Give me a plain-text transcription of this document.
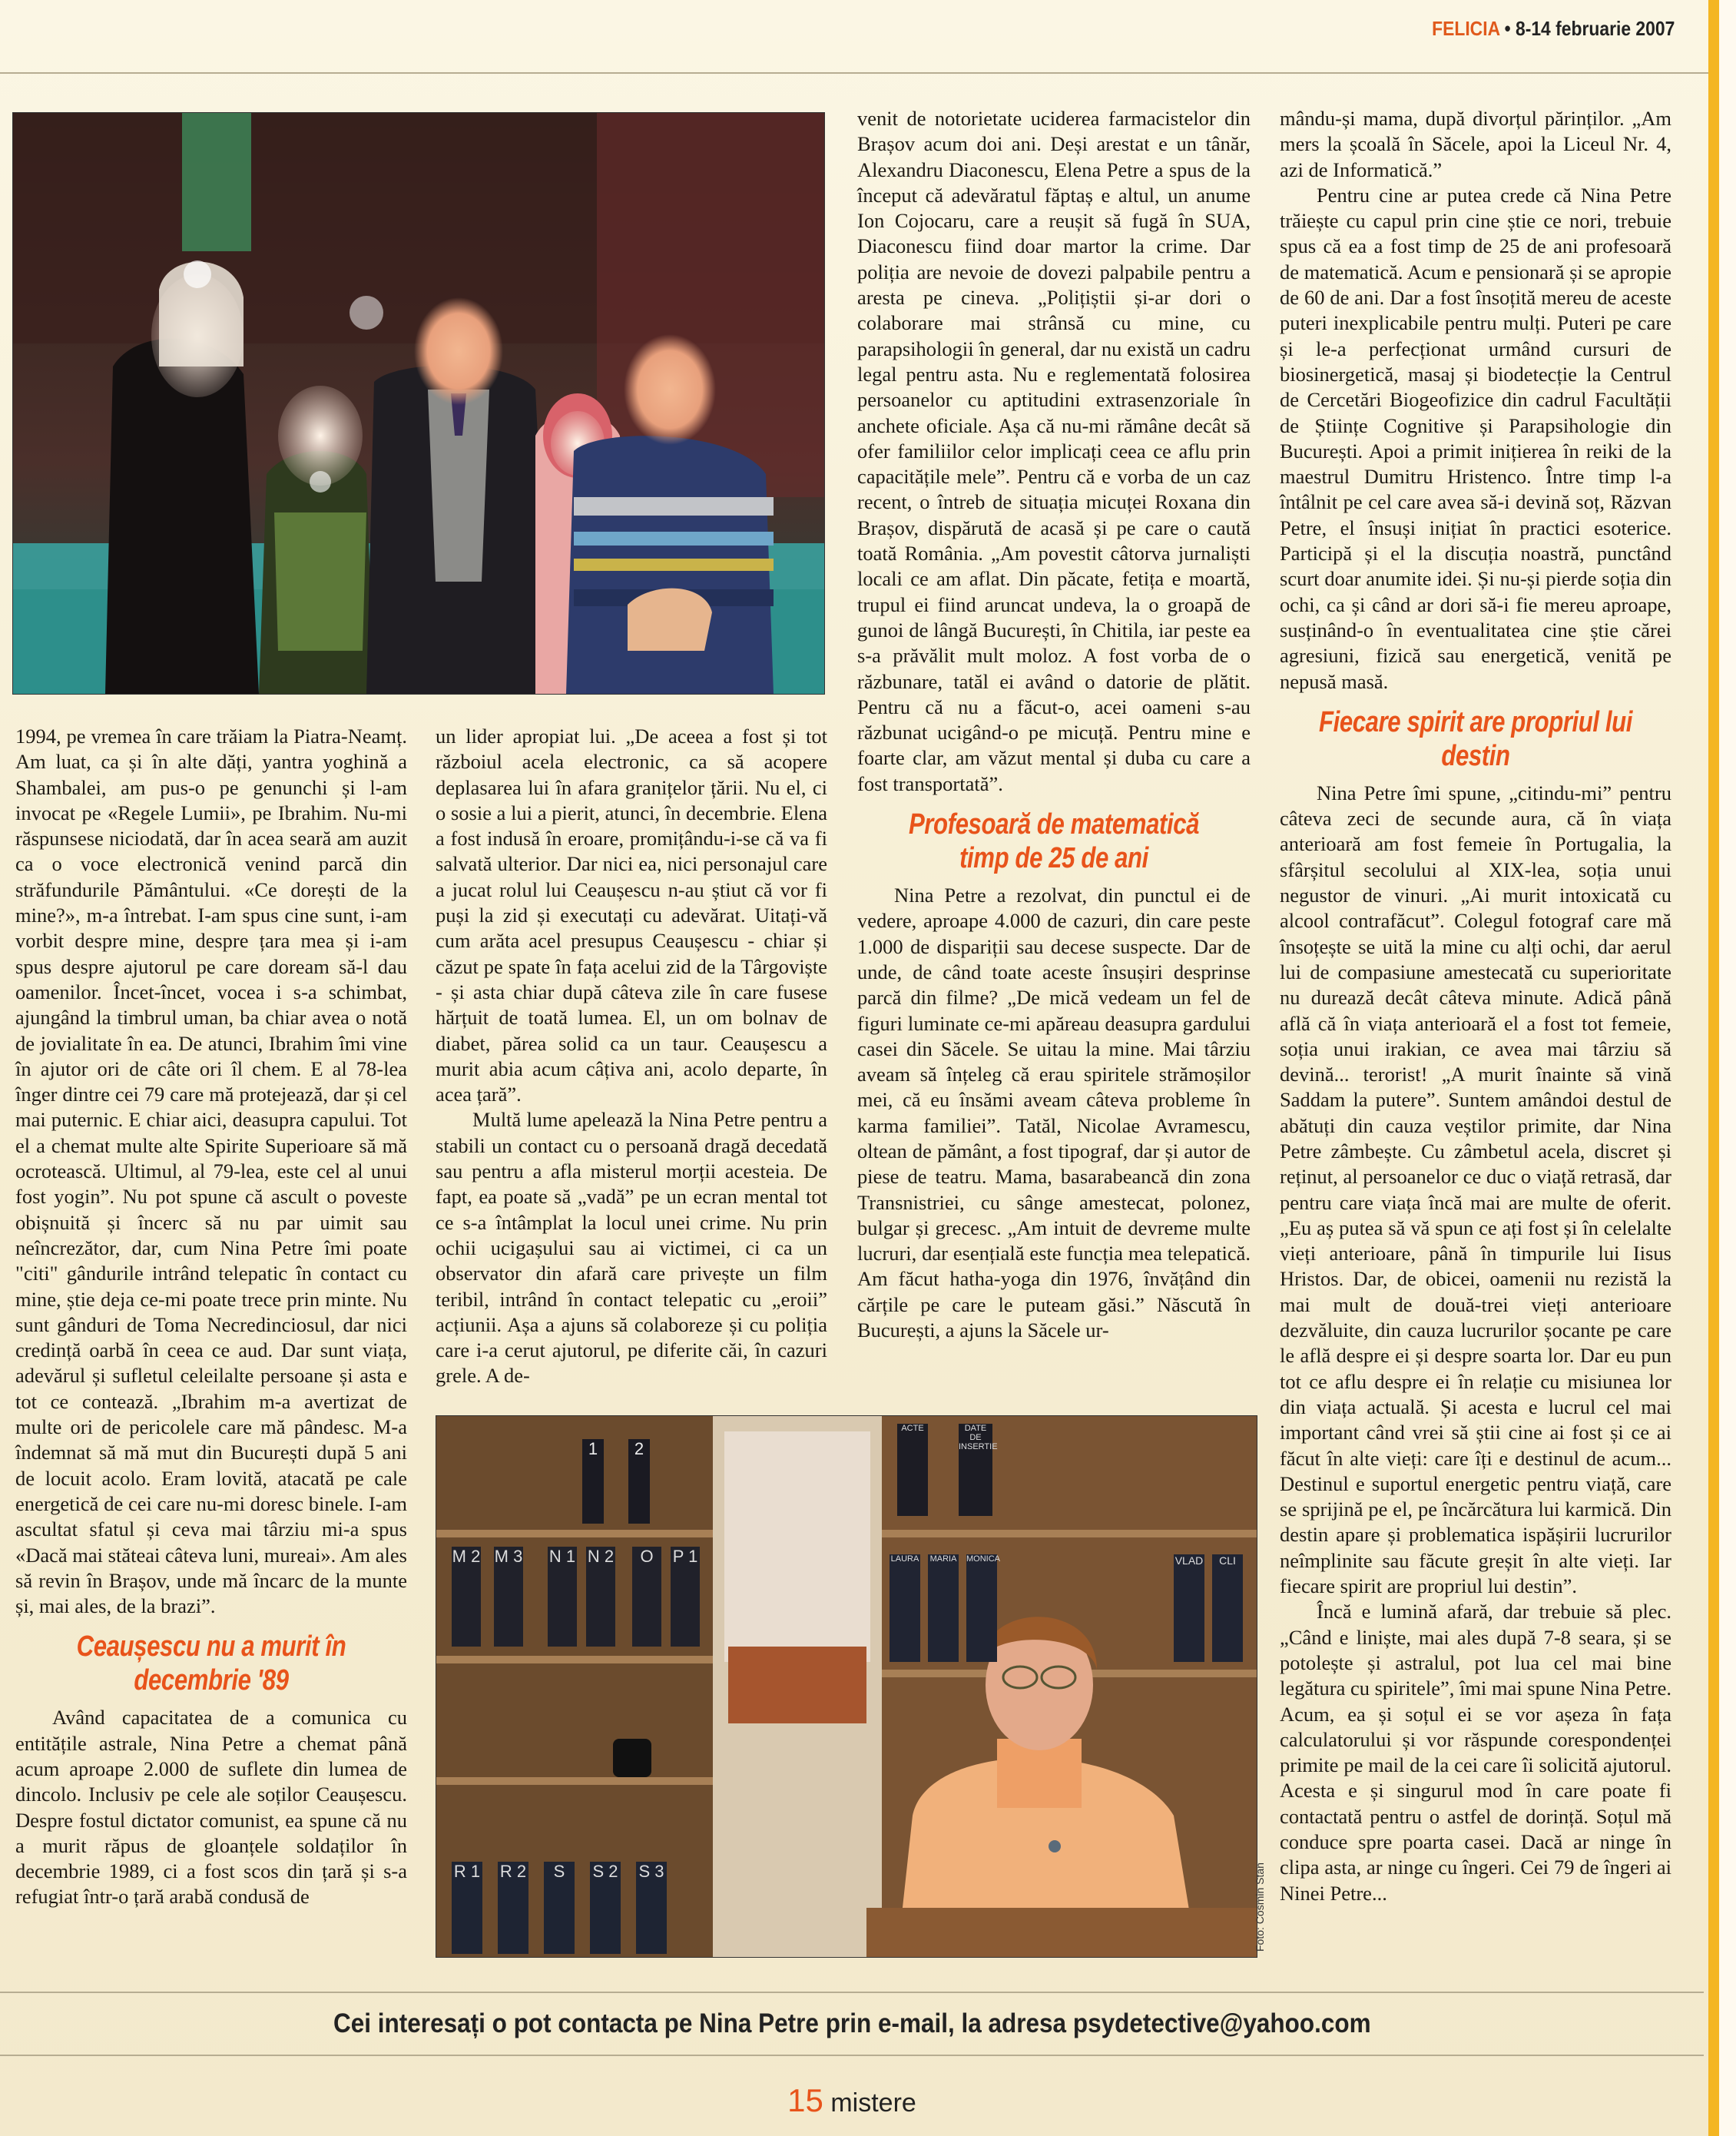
FELICIA • 8-14 februarie 2007

1994, pe vremea în care trăiam la Piatra-Neamț. Am luat, ca și în alte dăți, yantra yoghină a Shambalei, am pus-o pe genunchi și l-am invocat pe «Regele Lumii», pe Ibrahim. Nu-mi răspunsese niciodată, dar în acea seară am auzit ca o voce electronică venind parcă din străfundurile Pământului. «Ce dorești de la mine?», m-a întrebat. I-am spus cine sunt, i-am vorbit despre mine, despre țara mea și i-am spus despre ajutorul pe care doream să-l dau oamenilor. Încet-încet, vocea i s-a schimbat, ajungând la timbrul uman, ba chiar avea o notă de jovialitate în ea. De atunci, Ibrahim îmi vine în ajutor ori de câte ori îl chem. E al 78-lea înger dintre cei 79 care mă protejează, dar și cel mai puternic. E chiar aici, deasupra capului. Tot el a chemat multe alte Spirite Superioare să mă ocrotească. Ultimul, al 79-lea, este cel al unui fost yogin”. Nu pot spune că ascult o poveste obișnuită și încerc să nu par uimit sau neîncrezător, dar, cum Nina Petre îmi poate "citi" gândurile intrând telepatic în contact cu mine, știe deja ce-mi poate trece prin minte. Nu sunt gânduri de Toma Necredinciosul, dar nici credință oarbă în ceea ce aud. Dar sunt viața, adevărul și sufletul celeilalte persoane și asta e tot ce contează. „Ibrahim m-a avertizat de multe ori de pericolele care mă pândesc. M-a îndemnat să mă mut din București după 5 ani de locuit acolo. Eram lovită, atacată pe cale energetică de cei care nu-mi doresc binele. I-am ascultat sfatul și ceva mai târziu mi-a spus «Dacă mai stăteai câteva luni, mureai». Am ales să revin în Brașov, unde mă încarc de la munte și, mai ales, de la brazi”.

Ceaușescu nu a murit în decembrie '89

Având capacitatea de a comunica cu entitățile astrale, Nina Petre a chemat până acum aproape 2.000 de suflete din lumea de dincolo. Inclusiv pe cele ale soților Ceaușescu. Despre fostul dictator comunist, ea spune că nu a murit răpus de gloanțele soldaților în decembrie 1989, ci a fost scos din țară și s-a refugiat într-o țară arabă condusă de

un lider apropiat lui. „De aceea a fost și tot războiul acela electronic, ca să acopere deplasarea lui în afara granițelor țării. Nu el, ci o sosie a lui a pierit, atunci, în decembrie. Elena a fost indusă în eroare, promițându-i-se că va fi salvată ulterior. Dar nici ea, nici personajul care a jucat rolul lui Ceaușescu n-au știut că vor fi puși la zid și executați cu adevărat. Uitați-vă cum arăta acel presupus Ceaușescu - chiar și căzut pe spate în fața acelui zid de la Târgoviște - și asta chiar după câteva zile în care fusese hărțuit de toată lumea. El, un om bolnav de diabet, părea solid ca un taur. Ceaușescu a murit abia acum câțiva ani, acolo departe, în acea țară”.

Multă lume apelează la Nina Petre pentru a stabili un contact cu o persoană dragă decedată sau pentru a afla misterul morții acesteia. De fapt, ea poate să „vadă” pe un ecran mental tot ce s-a întâmplat la locul unei crime. Nu prin ochii ucigașului sau ai victimei, ci ca un observator din afară care privește un film teribil, intrând în contact telepatic cu „eroii” acțiunii. Așa a ajuns să colaboreze și cu poliția care i-a cerut ajutorul, pe diferite căi, în cazuri grele. A de-

venit de notorietate uciderea farmacistelor din Brașov acum doi ani. Deși arestat e un tânăr, Alexandru Diaconescu, Elena Petre a spus de la început că adevăratul făptaș e altul, un anume Ion Cojocaru, care a reușit să fugă în SUA, Diaconescu fiind doar martor la crime. Dar poliția are nevoie de dovezi palpabile pentru a aresta pe cineva. „Polițiștii și-ar dori o colaborare mai strânsă cu mine, cu parapsihologii în general, dar nu există un cadru legal pentru asta. Nu e reglementată folosirea persoanelor cu aptitudini extrasenzoriale în anchete oficiale. Așa că nu-mi rămâne decât să ofer familiilor celor implicați ceea ce aflu prin capacitățile mele”. Pentru că e vorba de un caz recent, o întreb de situația micuței Roxana din Brașov, dispărută de acasă și pe care o caută toată România. „Am povestit câtorva jurnaliști locali ce am aflat. Din păcate, fetița e moartă, trupul ei fiind aruncat undeva, la o groapă de gunoi de lângă București, în Chitila, iar peste ea s-a prăvălit mult moloz. A fost vorba de o răzbunare, tatăl ei având o datorie de plătit. Pentru că nu a făcut-o, acei oameni s-au răzbunat ucigând-o pe micuță. Pentru mine e foarte clar, am văzut mental și duba cu care a fost transportată”.

Profesoară de matematică timp de 25 de ani

Nina Petre a rezolvat, din punctul ei de vedere, aproape 4.000 de cazuri, din care peste 1.000 de dispariții sau decese suspecte. Dar de unde, de când toate aceste însușiri desprinse parcă din filme? „De mică vedeam un fel de figuri luminate ce-mi apăreau deasupra gardului casei din Săcele. Se uitau la mine. Mai târziu aveam să înțeleg că erau spiritele strămoșilor mei, că eu însămi aveam câteva probleme în karma familiei”. Tatăl, Nicolae Avramescu, oltean de pământ, a fost tipograf, dar și autor de piese de teatru. Mama, basarabeancă din zona Transnistriei, cu sânge amestecat, polonez, bulgar și grecesc. „Am intuit de devreme multe lucruri, dar esențială este funcția mea telepatică. Am făcut hatha-yoga din 1976, învățând din cărțile pe care le puteam găsi.” Născută în București, a ajuns la Săcele ur-

mându-și mama, după divorțul părinților. „Am mers la școală în Săcele, apoi la Liceul Nr. 4, azi de Informatică.”

Pentru cine ar putea crede că Nina Petre trăiește cu capul prin cine știe ce nori, trebuie spus că ea a fost timp de 25 de ani profesoară de matematică. Acum e pensionară și se apropie de 60 de ani. Dar a fost însoțită mereu de aceste puteri inexplicabile pentru mulți. Puteri pe care și le-a perfecționat urmând cursuri de biosinergetică, masaj și biodetecție la Centrul de Cercetări Biogeofizice din cadrul Facultății de Științe Cognitive și Parapsihologie din București. Apoi a primit inițierea în reiki de la maestrul Dumitru Hristenco. Între timp l-a întâlnit pe cel care avea să-i devină soț, Răzvan Petre, el însuși inițiat în practici esoterice. Participă și el la discuția noastră, punctând scurt doar anumite idei. Și nu-și pierde soția din ochi, ca și când ar dori să-i fie mereu aproape, susținând-o în eventualitatea cine știe cărei agresiuni, fizică sau energetică, venită pe nepusă masă.

Fiecare spirit are propriul lui destin

Nina Petre îmi spune, „citindu-mi” pentru câteva zeci de secunde aura, că în viața anterioară am fost femeie în Portugalia, la sfârșitul secolului al XIX-lea, soția unui negustor de vinuri. „Ai murit intoxicată cu alcool contrafăcut”. Colegul fotograf care mă însoțește se uită la mine cu alți ochi, dar aerul lui de compasiune amestecată cu superioritate nu durează decât câteva minute. Adică până află că în viața anterioară el a fost tot femeie, soția unui irakian, ce avea mai târziu să devină... terorist! „A murit înainte să vină Saddam la putere”. Suntem amândoi destul de abătuți din cauza veștilor primite, dar Nina Petre zâmbește. Cu zâmbetul acela, discret și reținut, al persoanelor ce duc o viață retrasă, dar pentru care viața încă mai are multe de oferit. „Eu aș putea să vă spun ce ați fost și în celelalte vieți anterioare, până în timpurile lui Iisus Hristos. Dar, de obicei, oamenii nu rezistă la mai mult de două-trei vieți anterioare dezvăluite, din cauza lucrurilor șocante pe care le află despre ei și despre soarta lor. Dar eu pun tot ce aflu despre ei în relație cu misiunea lor din viața actuală. Și acesta e lucrul cel mai important când vrei să știi cine ai fost și ce ai făcut în alte vieți: care îți e destinul de acum... Destinul e suportul energetic pentru viață, care se sprijină pe el, pe încărcătura lui karmică. Din destin apare și problematica ispășirii lucrurilor neîmplinite sau făcute greșit în alte vieți. Iar fiecare spirit are propriul lui destin”.

Încă e lumină afară, dar trebuie să plec. „Când e liniște, mai ales după 7-8 seara, și se potolește și astralul, pot lua cel mai bine legătura cu spiritele”, îmi mai spune Nina Petre. Acum, ea și soțul ei se vor așeza în fața calculatorului și vor răspunde corespondenței primite pe mail de la cei care îi solicită ajutorul. Acesta e și singurul mod în care poate fi contactată pentru o astfel de dorință. Soțul mă conduce spre poarta casei. Dacă ar ninge în clipa asta, ar ninge cu îngeri. Cei 79 de îngeri ai Ninei Petre...

1	2
M 2 M 3 N 1 N 2	O	P 1
R 1 R 2	S	S 2 S 3
ACTE	DATE DE INSERTIE
LAURA MARIA MONICA	VLAD	CLI
Foto: Cosmin Stan
Cei interesați o pot contacta pe Nina Petre prin e-mail, la adresa psydetective@yahoo.com
15 mistere
